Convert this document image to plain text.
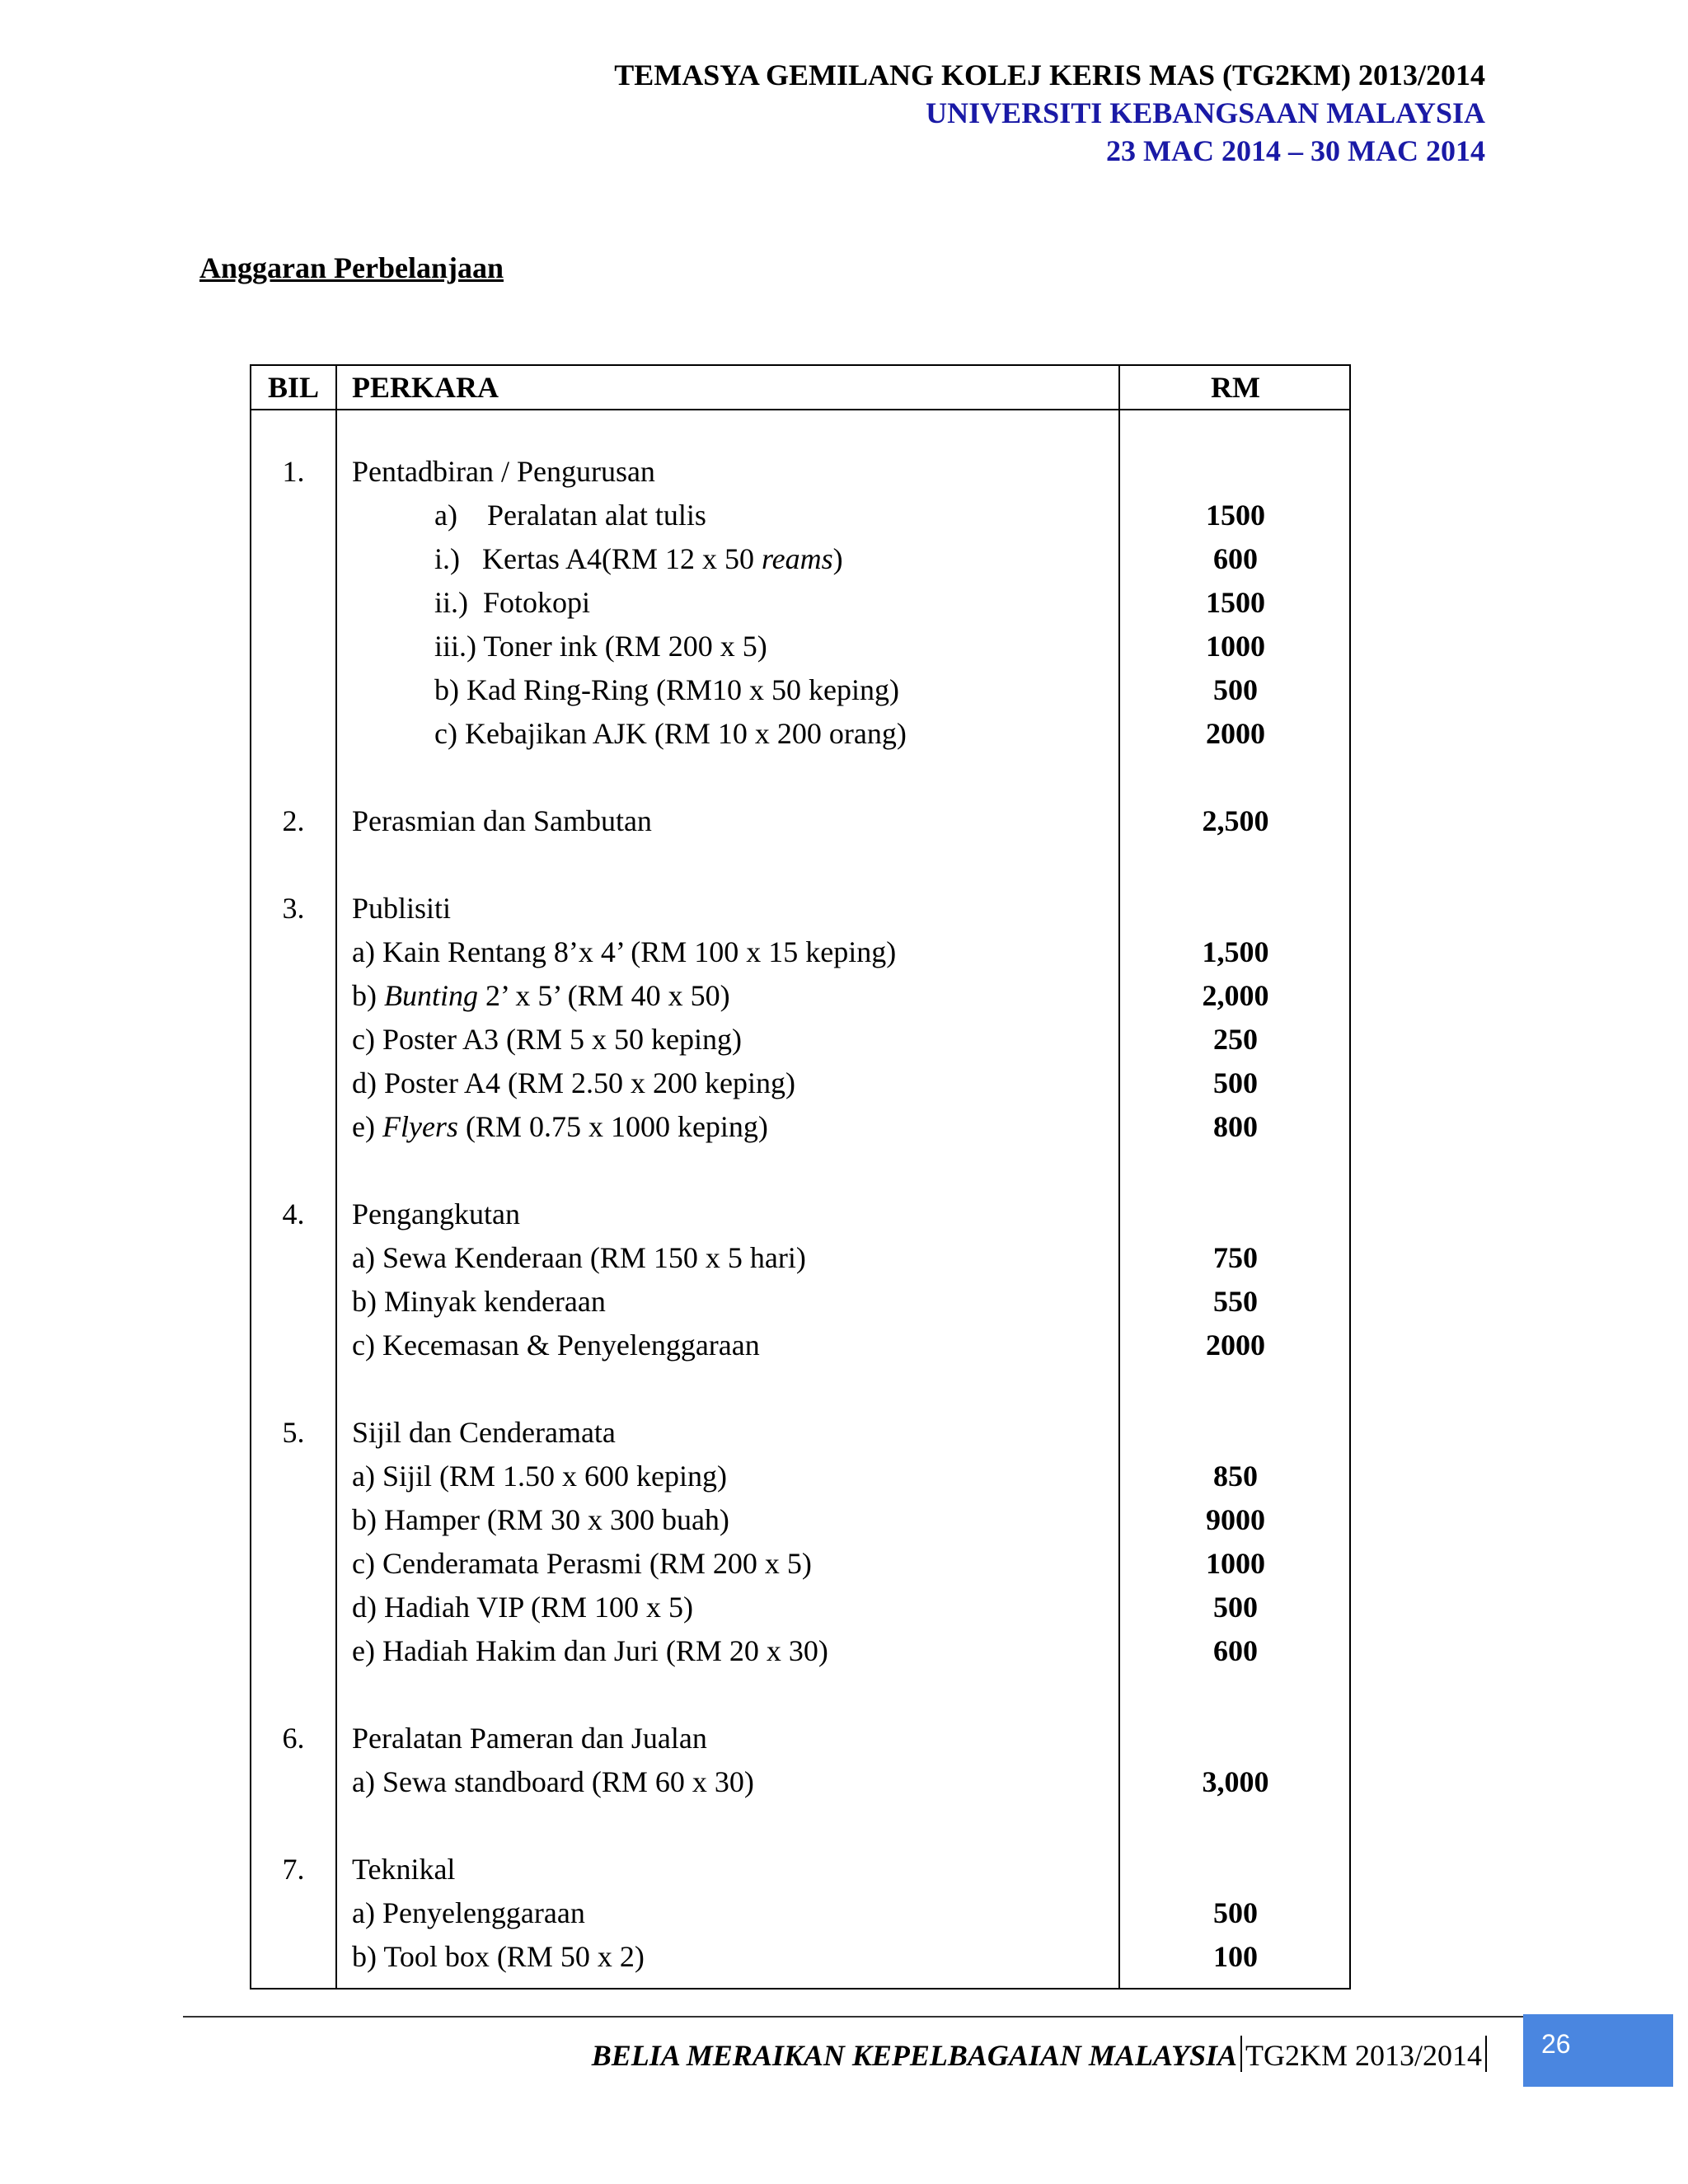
TEMASYA GEMILANG KOLEJ KERIS MAS (TG2KM) 2013/2014
UNIVERSITI KEBANGSAAN MALAYSIA
23 MAC 2014 – 30 MAC 2014
Anggaran Perbelanjaan
BIL	PERKARA	RM
1.	Pentadbiran / Pengurusan
a)    Peralatan alat tulis	1500
i.)   Kertas A4(RM 12 x 50 reams)	600
ii.)  Fotokopi	1500
iii.) Toner ink (RM 200 x 5)	1000
b) Kad Ring-Ring (RM10 x 50 keping)	500
c) Kebajikan AJK (RM 10 x 200 orang)	2000
2.	Perasmian dan Sambutan	2,500
3.	Publisiti
a) Kain Rentang 8’x 4’ (RM 100 x 15 keping)	1,500
b) Bunting 2’ x 5’ (RM 40 x 50)	2,000
c) Poster A3 (RM 5 x 50 keping)	250
d) Poster A4 (RM 2.50 x 200 keping)	500
e) Flyers (RM 0.75 x 1000 keping)	800
4.	Pengangkutan
a) Sewa Kenderaan (RM 150 x 5 hari)	750
b) Minyak kenderaan	550
c) Kecemasan & Penyelenggaraan	2000
5.	Sijil dan Cenderamata
a) Sijil (RM 1.50 x 600 keping)	850
b) Hamper (RM 30 x 300 buah)	9000
c) Cenderamata Perasmi (RM 200 x 5)	1000
d) Hadiah VIP (RM 100 x 5)	500
e) Hadiah Hakim dan Juri (RM 20 x 30)	600
6.	Peralatan Pameran dan Jualan
a) Sewa standboard (RM 60 x 30)	3,000
7.	Teknikal
a) Penyelenggaraan	500
b) Tool box (RM 50 x 2)	100
BELIA MERAIKAN KEPELBAGAIAN MALAYSIA TG2KM 2013/2014	26
